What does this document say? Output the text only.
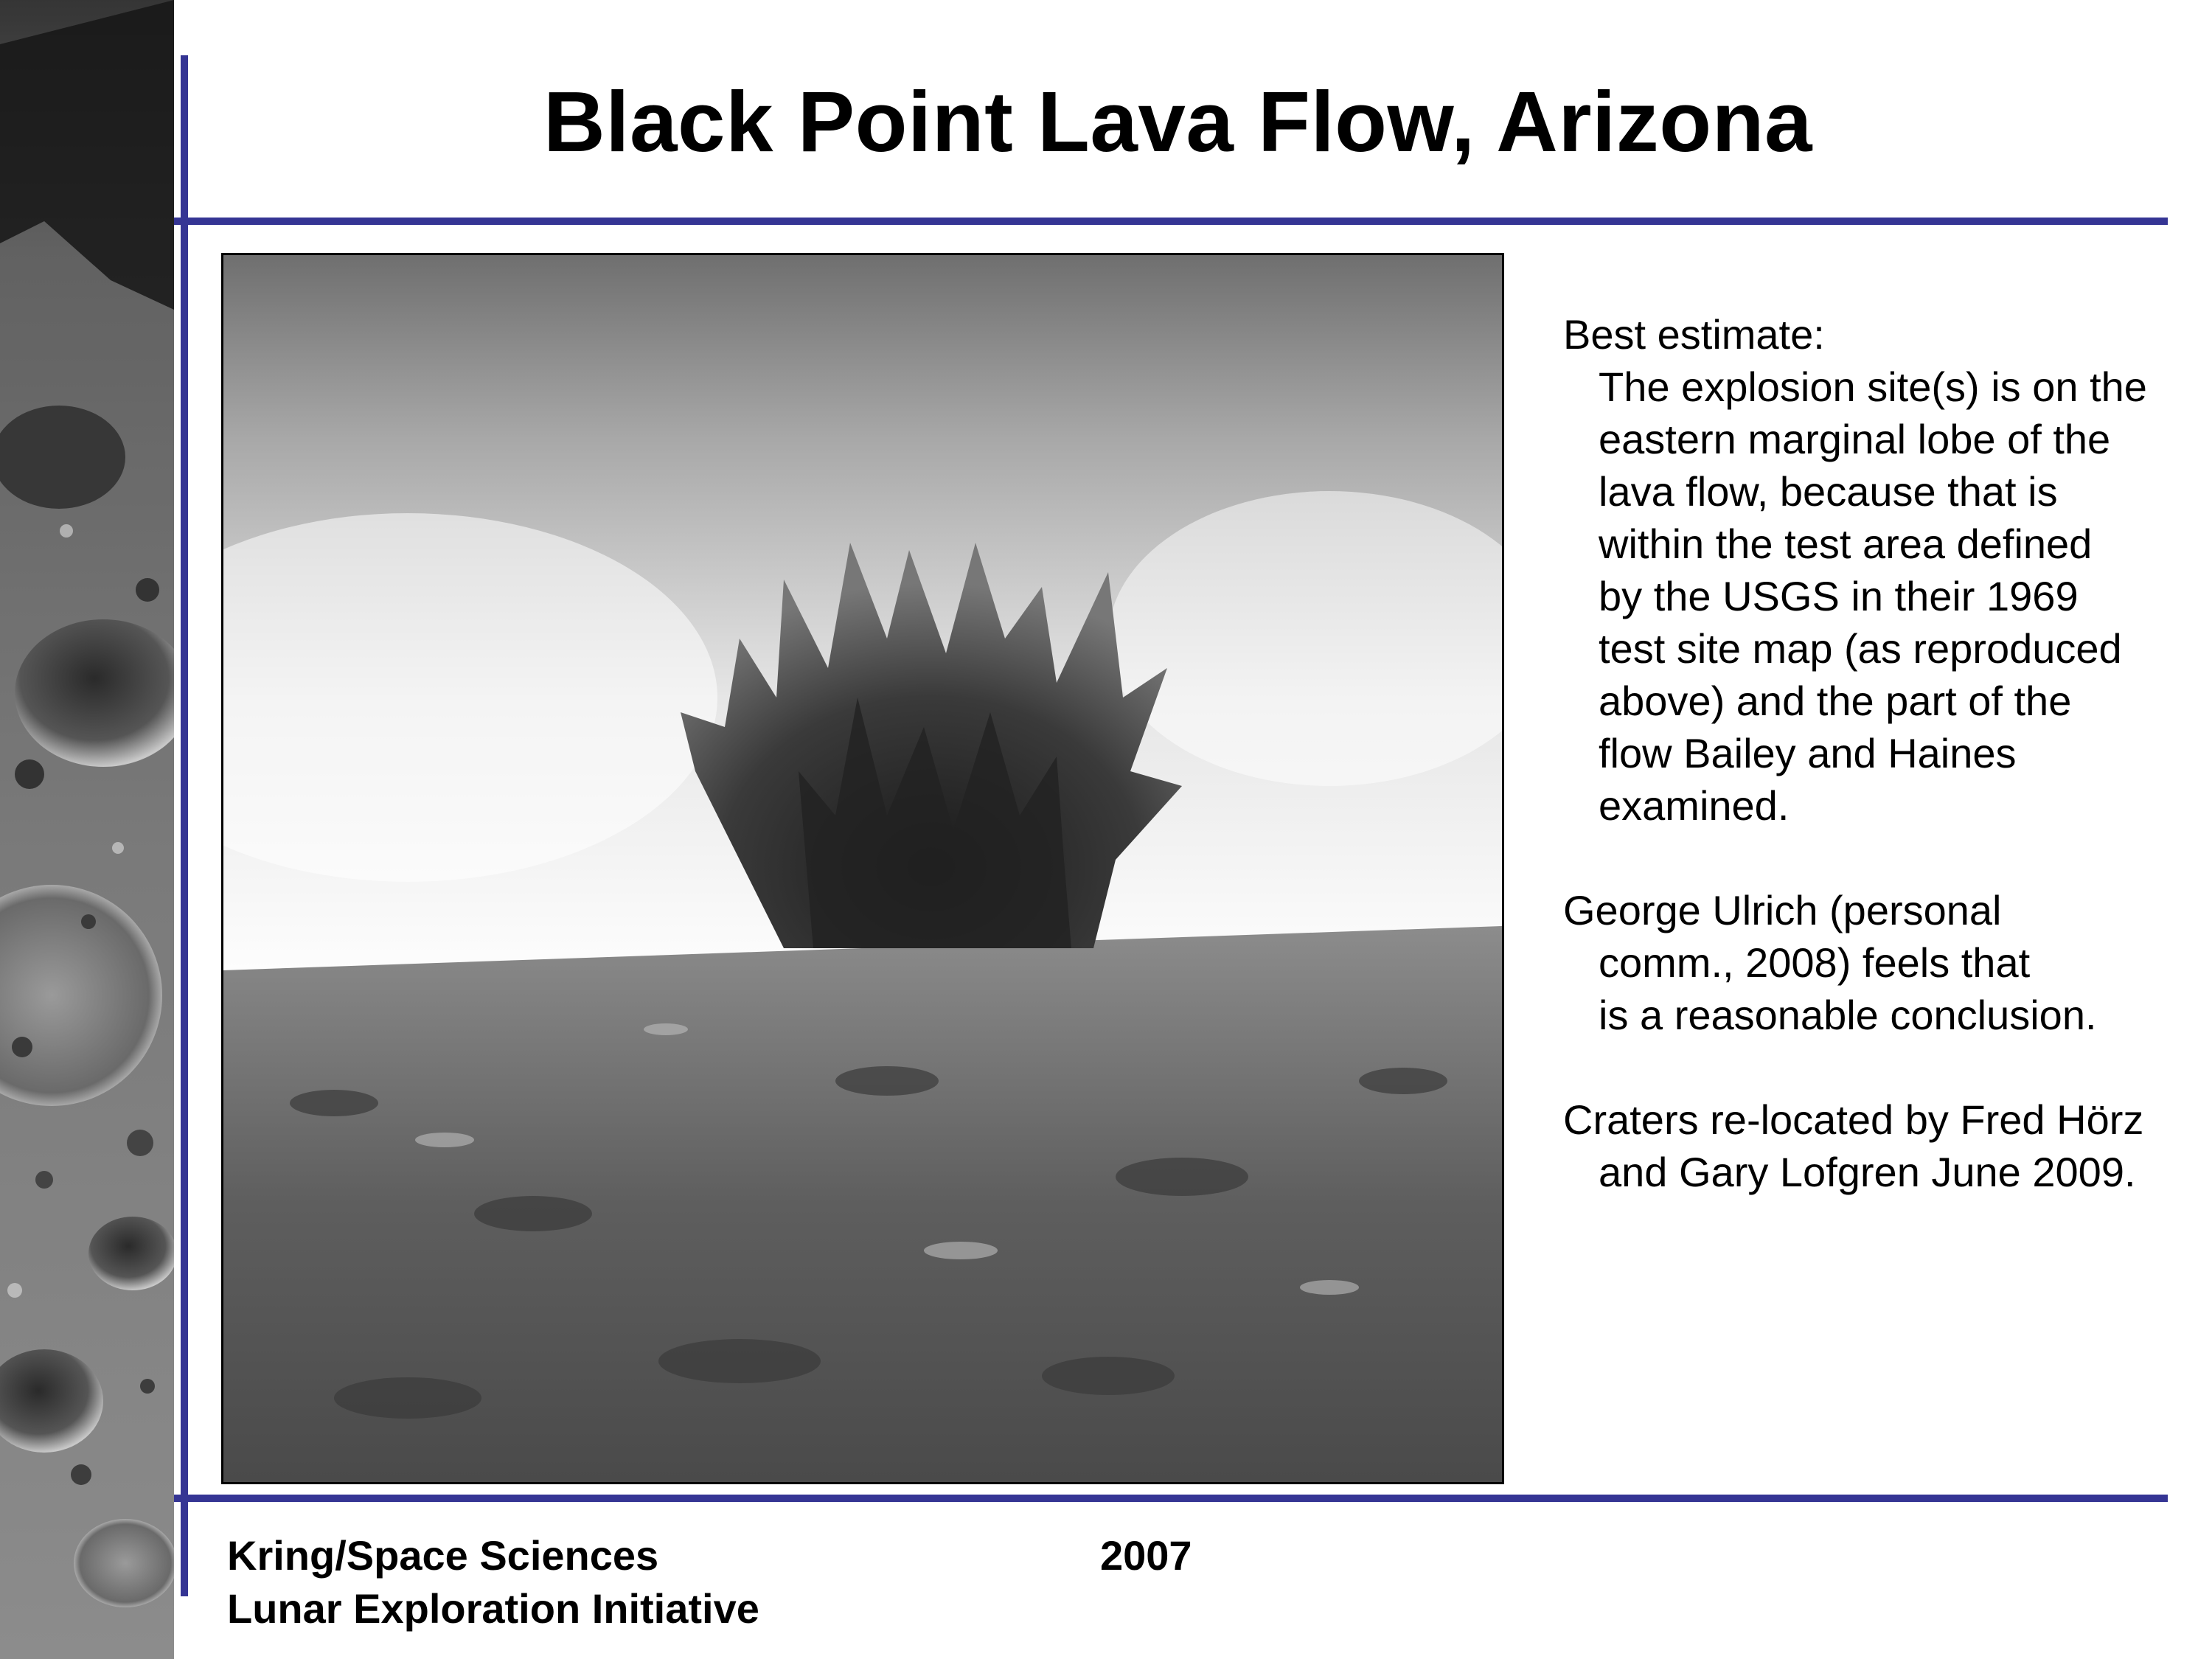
Black Point Lava Flow, Arizona

Best estimate:
The explosion site(s) is on the
eastern marginal lobe of the
lava flow, because that is
within the test area defined
by the USGS in their 1969
test site map (as reproduced
above) and the part of the
flow Bailey and Haines
examined.

George Ulrich (personal
comm., 2008) feels that
is a reasonable conclusion.

Craters re-located by Fred Hörz
and Gary Lofgren June 2009.

Kring/Space Sciences
Lunar Exploration Initiative
2007
